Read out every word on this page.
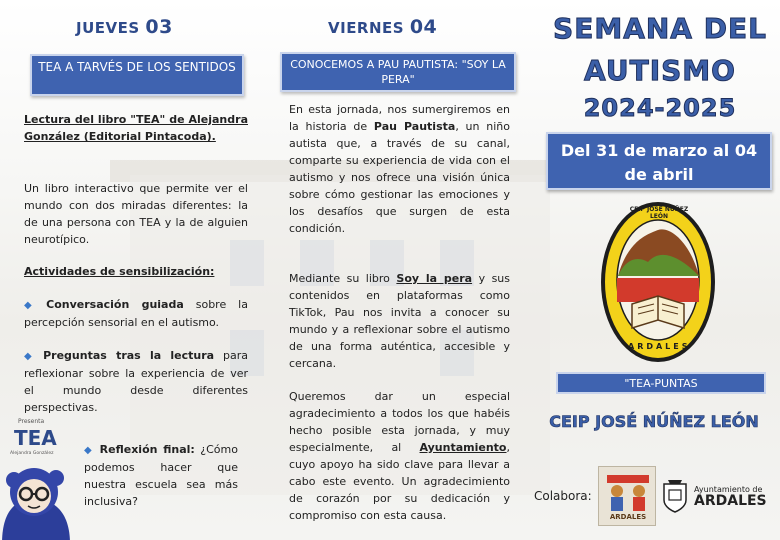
JUEVES 03
TEA A TARVÉS DE LOS SENTIDOS
Lectura del libro "TEA" de Alejandra González (Editorial Pintacoda).
Un libro interactivo que permite ver el mundo con dos miradas diferentes: la de una persona con TEA y la de alguien neurotípico.
Actividades de sensibilización:
◆ Conversación guiada sobre la percepción sensorial en el autismo.
◆ Preguntas tras la lectura para reflexionar sobre la experiencia de ver el mundo desde diferentes perspectivas.
◆ Reflexión final: ¿Cómo podemos hacer que nuestra escuela sea más inclusiva?
Presenta
TEA
Alejandra González
VIERNES 04
CONOCEMOS A PAU PAUTISTA: "SOY LA PERA"
En esta jornada, nos sumergiremos en la historia de Pau Pautista, un niño autista que, a través de su canal, comparte su experiencia de vida con el autismo y nos ofrece una visión única sobre cómo gestionar las emociones y los desafíos que surgen de esta condición.
Mediante su libro Soy la pera y sus contenidos en plataformas como TikTok, Pau nos invita a conocer su mundo y a reflexionar sobre el autismo de una forma auténtica, accesible y cercana.
Queremos dar un especial agradecimiento a todos los que habéis hecho posible esta jornada, y muy especialmente, al Ayuntamiento, cuyo apoyo ha sido clave para llevar a cabo este evento. Un agradecimiento de corazón por su dedicación y compromiso con esta causa.
SEMANA DEL
AUTISMO
2024-2025
Del 31 de marzo al 04 de abril
CEIP JOSÉ NÚÑEZ LEÓN
ARDALES
"TEA-PUNTAS
CEIP JOSÉ NÚÑEZ LEÓN
Colabora:
ARDALES
Ayuntamiento de
ARDALES
